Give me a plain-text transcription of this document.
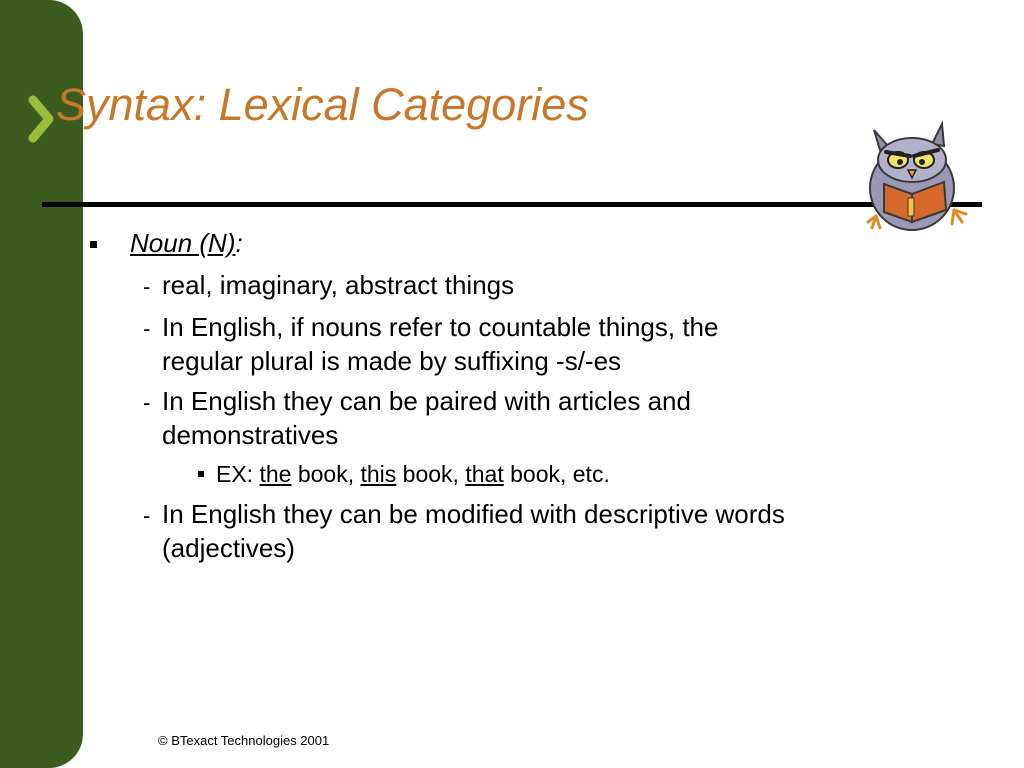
Syntax: Lexical Categories
Noun (N):
- real, imaginary, abstract things
- In English, if nouns refer to countable things, the
regular plural is made by suffixing -s/-es
- In English they can be paired with articles and
demonstratives
EX: the book, this book, that book, etc.
- In English they can be modified with descriptive words
(adjectives)
© BTexact Technologies 2001
